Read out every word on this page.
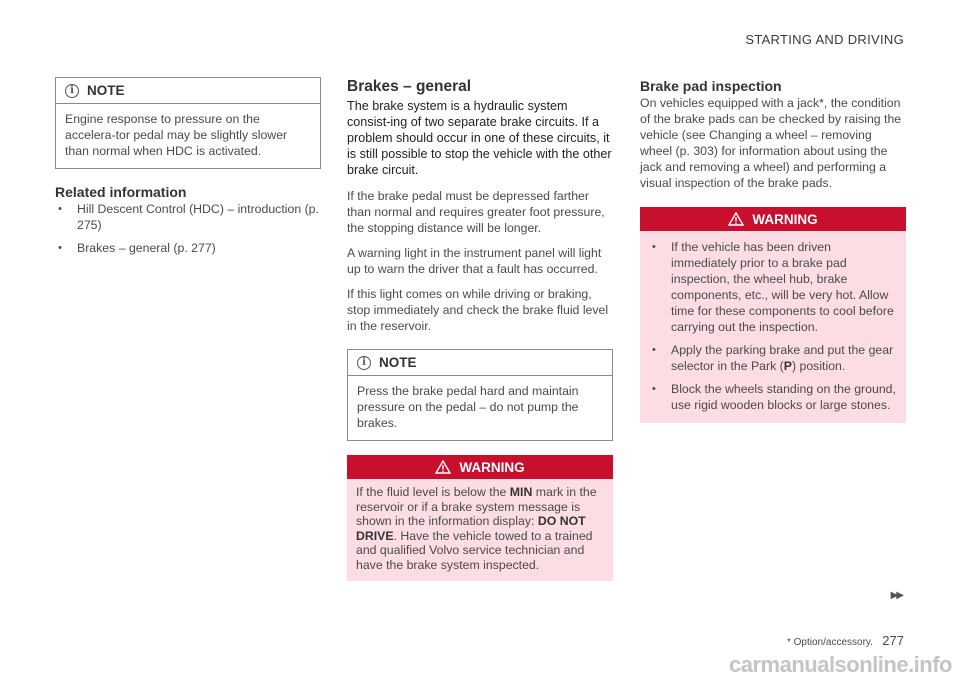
STARTING AND DRIVING
i NOTE
Engine response to pressure on the accelera-tor pedal may be slightly slower than normal when HDC is activated.
Related information
• Hill Descent Control (HDC) – introduction (p. 275)
• Brakes – general (p. 277)
Brakes – general

The brake system is a hydraulic system consist-ing of two separate brake circuits. If a problem should occur in one of these circuits, it is still possible to stop the vehicle with the other brake circuit.

If the brake pedal must be depressed farther than normal and requires greater foot pressure, the stopping distance will be longer.

A warning light in the instrument panel will light up to warn the driver that a fault has occurred.

If this light comes on while driving or braking, stop immediately and check the brake fluid level in the reservoir.

i NOTE
Press the brake pedal hard and maintain pressure on the pedal – do not pump the brakes.
WARNING
If the fluid level is below the MIN mark in the reservoir or if a brake system message is shown in the information display: DO NOT DRIVE. Have the vehicle towed to a trained and qualified Volvo service technician and have the brake system inspected.
Brake pad inspection

On vehicles equipped with a jack*, the condition of the brake pads can be checked by raising the vehicle (see Changing a wheel – removing wheel (p. 303) for information about using the jack and removing a wheel) and performing a visual inspection of the brake pads.

WARNING
• If the vehicle has been driven immediately prior to a brake pad inspection, the wheel hub, brake components, etc., will be very hot. Allow time for these components to cool before carrying out the inspection.
• Apply the parking brake and put the gear selector in the Park (P) position.
• Block the wheels standing on the ground, use rigid wooden blocks or large stones.
▶▶
* Option/accessory. 277
carmanualsonline.info
